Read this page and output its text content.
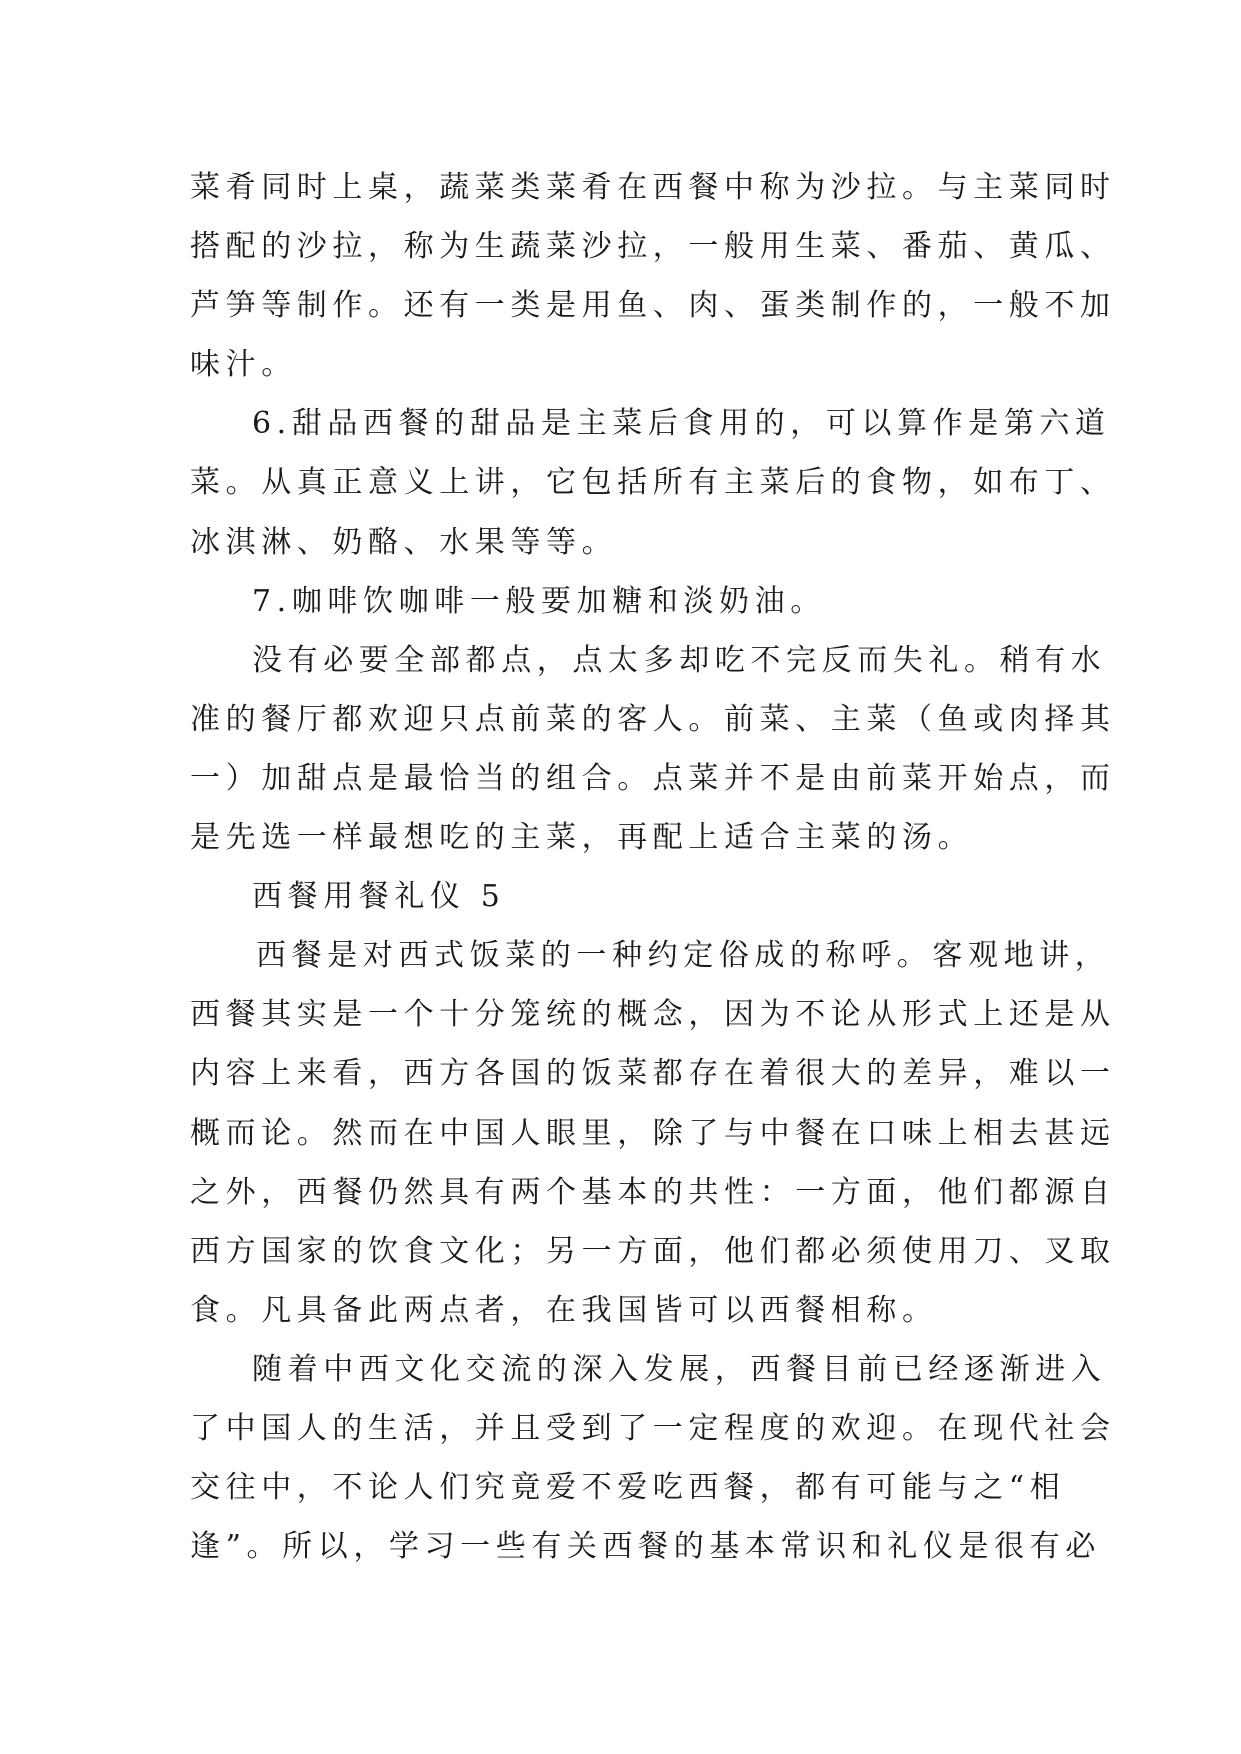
菜肴同时上桌，蔬菜类菜肴在西餐中称为沙拉。与主菜同时
搭配的沙拉，称为生蔬菜沙拉，一般用生菜、番茄、黄瓜、
芦笋等制作。还有一类是用鱼、肉、蛋类制作的，一般不加
味汁。
6.甜品西餐的甜品是主菜后食用的，可以算作是第六道
菜。从真正意义上讲，它包括所有主菜后的食物，如布丁、
冰淇淋、奶酪、水果等等。
7.咖啡饮咖啡一般要加糖和淡奶油。
没有必要全部都点，点太多却吃不完反而失礼。稍有水
准的餐厅都欢迎只点前菜的客人。前菜、主菜（鱼或肉择其
一）加甜点是最恰当的组合。点菜并不是由前菜开始点，而
是先选一样最想吃的主菜，再配上适合主菜的汤。
西餐用餐礼仪 5
西餐是对西式饭菜的一种约定俗成的称呼。客观地讲，
西餐其实是一个十分笼统的概念，因为不论从形式上还是从
内容上来看，西方各国的饭菜都存在着很大的差异，难以一
概而论。然而在中国人眼里，除了与中餐在口味上相去甚远
之外，西餐仍然具有两个基本的共性：一方面，他们都源自
西方国家的饮食文化；另一方面，他们都必须使用刀、叉取
食。凡具备此两点者，在我国皆可以西餐相称。
随着中西文化交流的深入发展，西餐目前已经逐渐进入
了中国人的生活，并且受到了一定程度的欢迎。在现代社会
交往中，不论人们究竟爱不爱吃西餐，都有可能与之“相
逢”。所以，学习一些有关西餐的基本常识和礼仪是很有必
